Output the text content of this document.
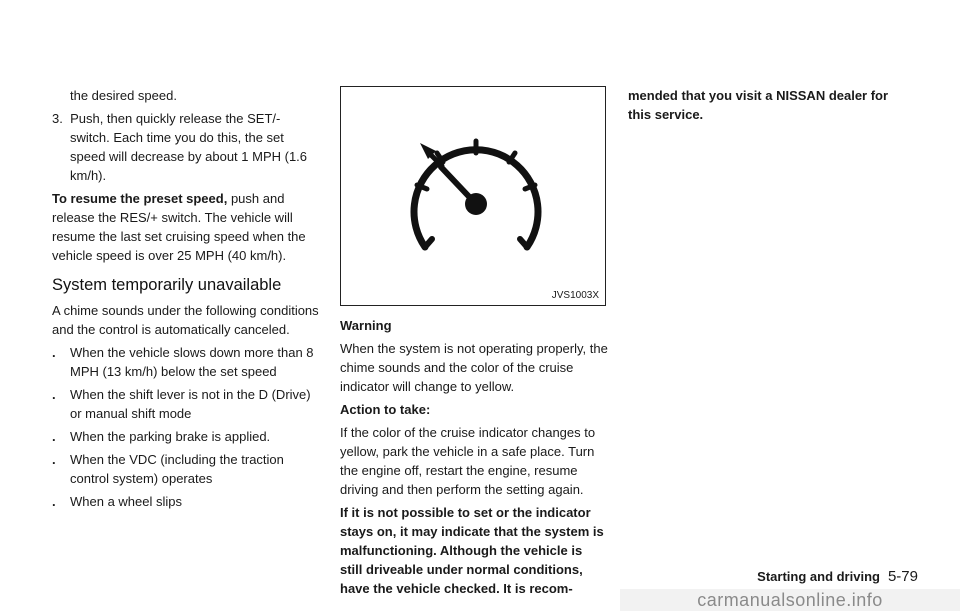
the desired speed.

3. Push, then quickly release the SET/- switch. Each time you do this, the set speed will decrease by about 1 MPH (1.6 km/h).

To resume the preset speed, push and release the RES/+ switch. The vehicle will resume the last set cruising speed when the vehicle speed is over 25 MPH (40 km/h).

System temporarily unavailable

A chime sounds under the following conditions and the control is automatically canceled.

. When the vehicle slows down more than 8 MPH (13 km/h) below the set speed
. When the shift lever is not in the D (Drive) or manual shift mode
. When the parking brake is applied.
. When the VDC (including the traction control system) operates
. When a wheel slips
JVS1003X

Warning

When the system is not operating properly, the chime sounds and the color of the cruise indicator will change to yellow.

Action to take:

If the color of the cruise indicator changes to yellow, park the vehicle in a safe place. Turn the engine off, restart the engine, resume driving and then perform the setting again.

If it is not possible to set or the indicator stays on, it may indicate that the system is malfunctioning. Although the vehicle is still driveable under normal conditions, have the vehicle checked. It is recom-

mended that you visit a NISSAN dealer for this service.

Starting and driving 5-79
carmanualsonline.info
